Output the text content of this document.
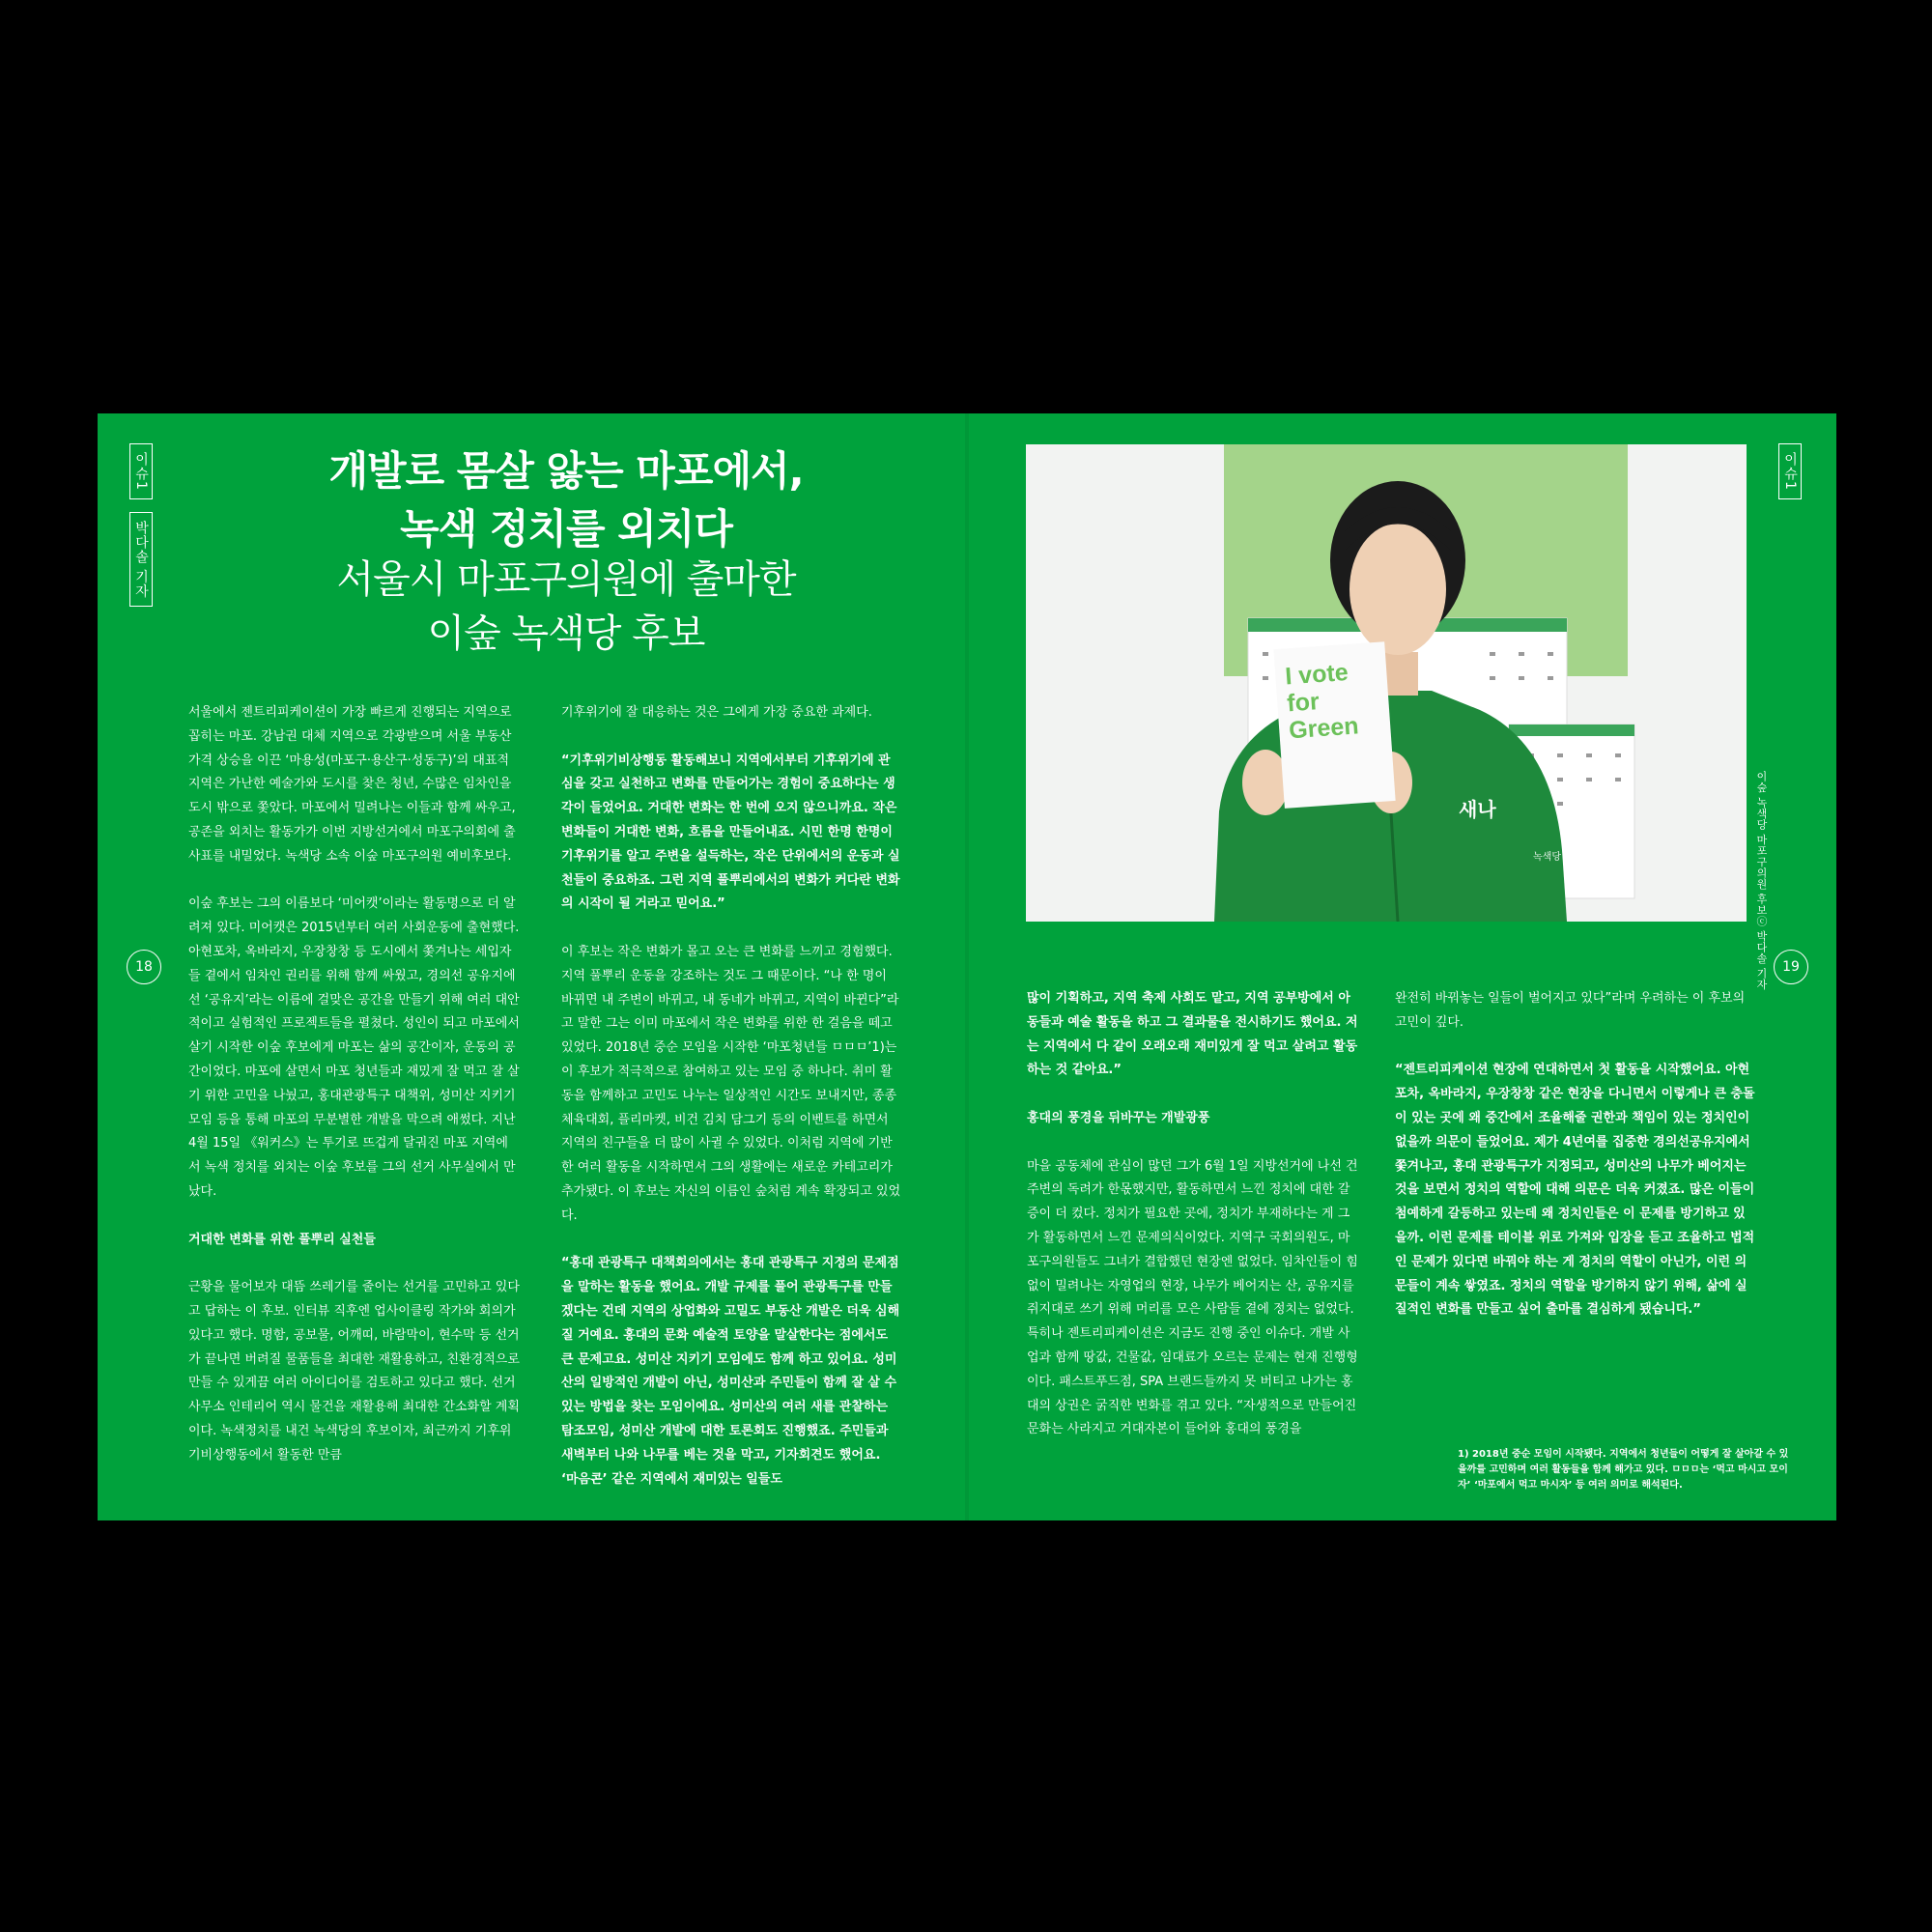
이슈1
박다솔 기자
18
개발로 몸살 앓는 마포에서,
녹색 정치를 외치다
서울시 마포구의원에 출마한
이숲 녹색당 후보

서울에서 젠트리피케이션이 가장 빠르게 진행되는 지역으로 꼽히는 마포. 강남권 대체 지역으로 각광받으며 서울 부동산 가격 상승을 이끈 ‘마용성(마포구·용산구·성동구)’의 대표적 지역은 가난한 예술가와 도시를 찾은 청년, 수많은 임차인을 도시 밖으로 쫓았다. 마포에서 밀려나는 이들과 함께 싸우고, 공존을 외치는 활동가가 이번 지방선거에서 마포구의회에 출사표를 내밀었다. 녹색당 소속 이숲 마포구의원 예비후보다.

이숲 후보는 그의 이름보다 ‘미어캣’이라는 활동명으로 더 알려져 있다. 미어캣은 2015년부터 여러 사회운동에 출현했다. 아현포차, 옥바라지, 우장창창 등 도시에서 쫓겨나는 세입자들 곁에서 임차인 권리를 위해 함께 싸웠고, 경의선 공유지에선 ‘공유지’라는 이름에 걸맞은 공간을 만들기 위해 여러 대안적이고 실험적인 프로젝트들을 펼쳤다. 성인이 되고 마포에서 살기 시작한 이숲 후보에게 마포는 삶의 공간이자, 운동의 공간이었다. 마포에 살면서 마포 청년들과 재밌게 잘 먹고 잘 살기 위한 고민을 나눴고, 홍대관광특구 대책위, 성미산 지키기 모임 등을 통해 마포의 무분별한 개발을 막으려 애썼다. 지난 4월 15일 《워커스》는 투기로 뜨겁게 달궈진 마포 지역에서 녹색 정치를 외치는 이숲 후보를 그의 선거 사무실에서 만났다.

거대한 변화를 위한 풀뿌리 실천들

근황을 물어보자 대뜸 쓰레기를 줄이는 선거를 고민하고 있다고 답하는 이 후보. 인터뷰 직후엔 업사이클링 작가와 회의가 있다고 했다. 명함, 공보물, 어깨띠, 바람막이, 현수막 등 선거가 끝나면 버려질 물품들을 최대한 재활용하고, 친환경적으로 만들 수 있게끔 여러 아이디어를 검토하고 있다고 했다. 선거 사무소 인테리어 역시 물건을 재활용해 최대한 간소화할 계획이다. 녹색정치를 내건 녹색당의 후보이자, 최근까지 기후위기비상행동에서 활동한 만큼

기후위기에 잘 대응하는 것은 그에게 가장 중요한 과제다.

“기후위기비상행동 활동해보니 지역에서부터 기후위기에 관심을 갖고 실천하고 변화를 만들어가는 경험이 중요하다는 생각이 들었어요. 거대한 변화는 한 번에 오지 않으니까요. 작은 변화들이 거대한 변화, 흐름을 만들어내죠. 시민 한명 한명이 기후위기를 알고 주변을 설득하는, 작은 단위에서의 운동과 실천들이 중요하죠. 그런 지역 풀뿌리에서의 변화가 커다란 변화의 시작이 될 거라고 믿어요.”

이 후보는 작은 변화가 몰고 오는 큰 변화를 느끼고 경험했다. 지역 풀뿌리 운동을 강조하는 것도 그 때문이다. “나 한 명이 바뀌면 내 주변이 바뀌고, 내 동네가 바뀌고, 지역이 바뀐다”라고 말한 그는 이미 마포에서 작은 변화를 위한 한 걸음을 떼고 있었다. 2018년 중순 모임을 시작한 ‘마포청년들 ㅁㅁㅁ’1)는 이 후보가 적극적으로 참여하고 있는 모임 중 하나다. 취미 활동을 함께하고 고민도 나누는 일상적인 시간도 보내지만, 종종 체육대회, 플리마켓, 비건 김치 담그기 등의 이벤트를 하면서 지역의 친구들을 더 많이 사귈 수 있었다. 이처럼 지역에 기반한 여러 활동을 시작하면서 그의 생활에는 새로운 카테고리가 추가됐다. 이 후보는 자신의 이름인 숲처럼 계속 확장되고 있었다.

“홍대 관광특구 대책회의에서는 홍대 관광특구 지정의 문제점을 말하는 활동을 했어요. 개발 규제를 풀어 관광특구를 만들겠다는 건데 지역의 상업화와 고밀도 부동산 개발은 더욱 심해질 거예요. 홍대의 문화 예술적 토양을 말살한다는 점에서도 큰 문제고요. 성미산 지키기 모임에도 함께 하고 있어요. 성미산의 일방적인 개발이 아닌, 성미산과 주민들이 함께 잘 살 수 있는 방법을 찾는 모임이에요. 성미산의 여러 새를 관찰하는 탐조모임, 성미산 개발에 대한 토론회도 진행했죠. 주민들과 새벽부터 나와 나무를 베는 것을 막고, 기자회견도 했어요. ‘마음콘’ 같은 지역에서 재미있는 일들도

I vote
for
Green
새나
녹색당	이숲 녹색당 마포구의원 후보ⓒ 박다솔 기자
이슈1
19

많이 기획하고, 지역 축제 사회도 맡고, 지역 공부방에서 아동들과 예술 활동을 하고 그 결과물을 전시하기도 했어요. 저는 지역에서 다 같이 오래오래 재미있게 잘 먹고 살려고 활동하는 것 같아요.”

홍대의 풍경을 뒤바꾸는 개발광풍

마을 공동체에 관심이 많던 그가 6월 1일 지방선거에 나선 건 주변의 독려가 한몫했지만, 활동하면서 느낀 정치에 대한 갈증이 더 컸다. 정치가 필요한 곳에, 정치가 부재하다는 게 그가 활동하면서 느낀 문제의식이었다. 지역구 국회의원도, 마포구의원들도 그녀가 결합했던 현장엔 없었다. 임차인들이 힘없이 밀려나는 자영업의 현장, 나무가 베어지는 산, 공유지를 쥐지대로 쓰기 위해 머리를 모은 사람들 곁에 정치는 없었다. 특히나 젠트리피케이션은 지금도 진행 중인 이슈다. 개발 사업과 함께 땅값, 건물값, 임대료가 오르는 문제는 현재 진행형이다. 패스트푸드점, SPA 브랜드들까지 못 버티고 나가는 홍대의 상권은 굵직한 변화를 겪고 있다. “자생적으로 만들어진 문화는 사라지고 거대자본이 들어와 홍대의 풍경을

완전히 바꿔놓는 일들이 벌어지고 있다”라며 우려하는 이 후보의 고민이 깊다.

“젠트리피케이션 현장에 연대하면서 첫 활동을 시작했어요. 아현포차, 옥바라지, 우장창창 같은 현장을 다니면서 이렇게나 큰 충돌이 있는 곳에 왜 중간에서 조율해줄 권한과 책임이 있는 정치인이 없을까 의문이 들었어요. 제가 4년여를 집중한 경의선공유지에서 쫓겨나고, 홍대 관광특구가 지정되고, 성미산의 나무가 베어지는 것을 보면서 정치의 역할에 대해 의문은 더욱 커졌죠. 많은 이들이 첨예하게 갈등하고 있는데 왜 정치인들은 이 문제를 방기하고 있을까. 이런 문제를 테이블 위로 가져와 입장을 듣고 조율하고 법적인 문제가 있다면 바꿔야 하는 게 정치의 역할이 아닌가, 이런 의문들이 계속 쌓였죠. 정치의 역할을 방기하지 않기 위해, 삶에 실질적인 변화를 만들고 싶어 출마를 결심하게 됐습니다.”

1) 2018년 중순 모임이 시작됐다. 지역에서 청년들이 어떻게 잘 살아갈 수 있을까를 고민하며 여러 활동들을 함께 해가고 있다. ㅁㅁㅁ는 ‘먹고 마시고 모이자’ ‘마포에서 먹고 마시자’ 등 여러 의미로 해석된다.
